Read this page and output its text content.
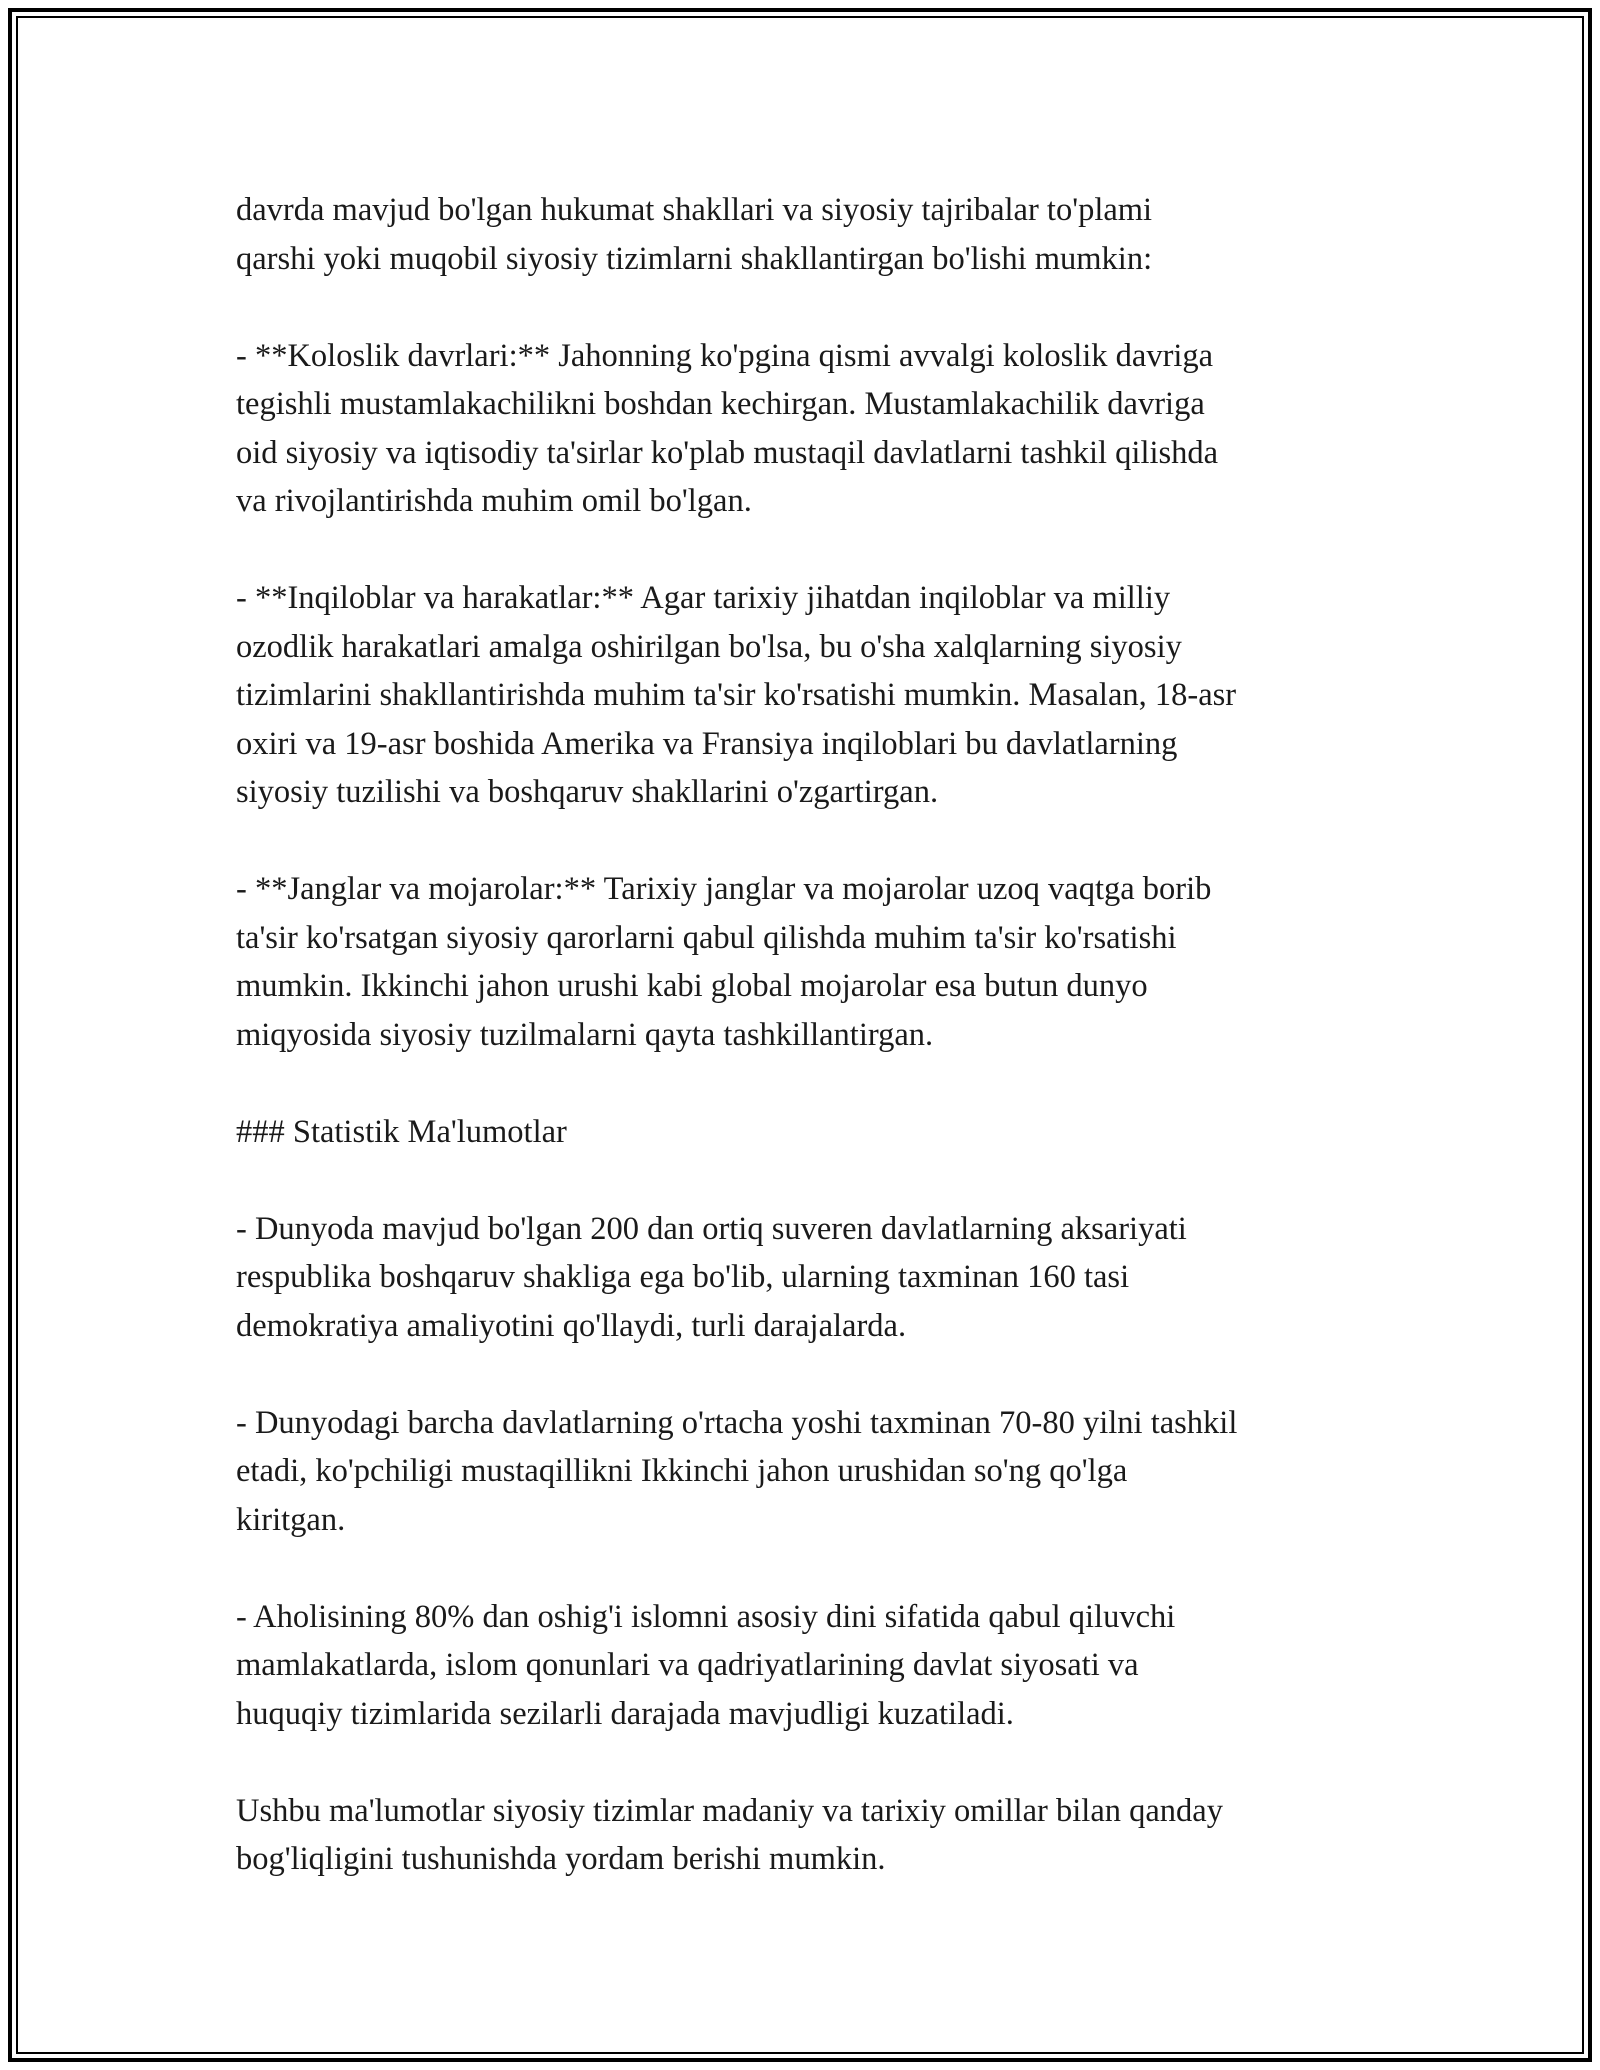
davrda mavjud bo'lgan hukumat shakllari va siyosiy tajribalar to'plami
qarshi yoki muqobil siyosiy tizimlarni shakllantirgan bo'lishi mumkin:

- **Koloslik davrlari:** Jahonning ko'pgina qismi avvalgi koloslik davriga
tegishli mustamlakachilikni boshdan kechirgan. Mustamlakachilik davriga
oid siyosiy va iqtisodiy ta'sirlar ko'plab mustaqil davlatlarni tashkil qilishda
va rivojlantirishda muhim omil bo'lgan.

- **Inqiloblar va harakatlar:** Agar tarixiy jihatdan inqiloblar va milliy
ozodlik harakatlari amalga oshirilgan bo'lsa, bu o'sha xalqlarning siyosiy
tizimlarini shakllantirishda muhim ta'sir ko'rsatishi mumkin. Masalan, 18-asr
oxiri va 19-asr boshida Amerika va Fransiya inqiloblari bu davlatlarning
siyosiy tuzilishi va boshqaruv shakllarini o'zgartirgan.

- **Janglar va mojarolar:** Tarixiy janglar va mojarolar uzoq vaqtga borib
ta'sir ko'rsatgan siyosiy qarorlarni qabul qilishda muhim ta'sir ko'rsatishi
mumkin. Ikkinchi jahon urushi kabi global mojarolar esa butun dunyo
miqyosida siyosiy tuzilmalarni qayta tashkillantirgan.

### Statistik Ma'lumotlar

- Dunyoda mavjud bo'lgan 200 dan ortiq suveren davlatlarning aksariyati
respublika boshqaruv shakliga ega bo'lib, ularning taxminan 160 tasi
demokratiya amaliyotini qo'llaydi, turli darajalarda.

- Dunyodagi barcha davlatlarning o'rtacha yoshi taxminan 70-80 yilni tashkil
etadi, ko'pchiligi mustaqillikni Ikkinchi jahon urushidan so'ng qo'lga
kiritgan.

- Aholisining 80% dan oshig'i islomni asosiy dini sifatida qabul qiluvchi
mamlakatlarda, islom qonunlari va qadriyatlarining davlat siyosati va
huquqiy tizimlarida sezilarli darajada mavjudligi kuzatiladi.

Ushbu ma'lumotlar siyosiy tizimlar madaniy va tarixiy omillar bilan qanday
bog'liqligini tushunishda yordam berishi mumkin.
